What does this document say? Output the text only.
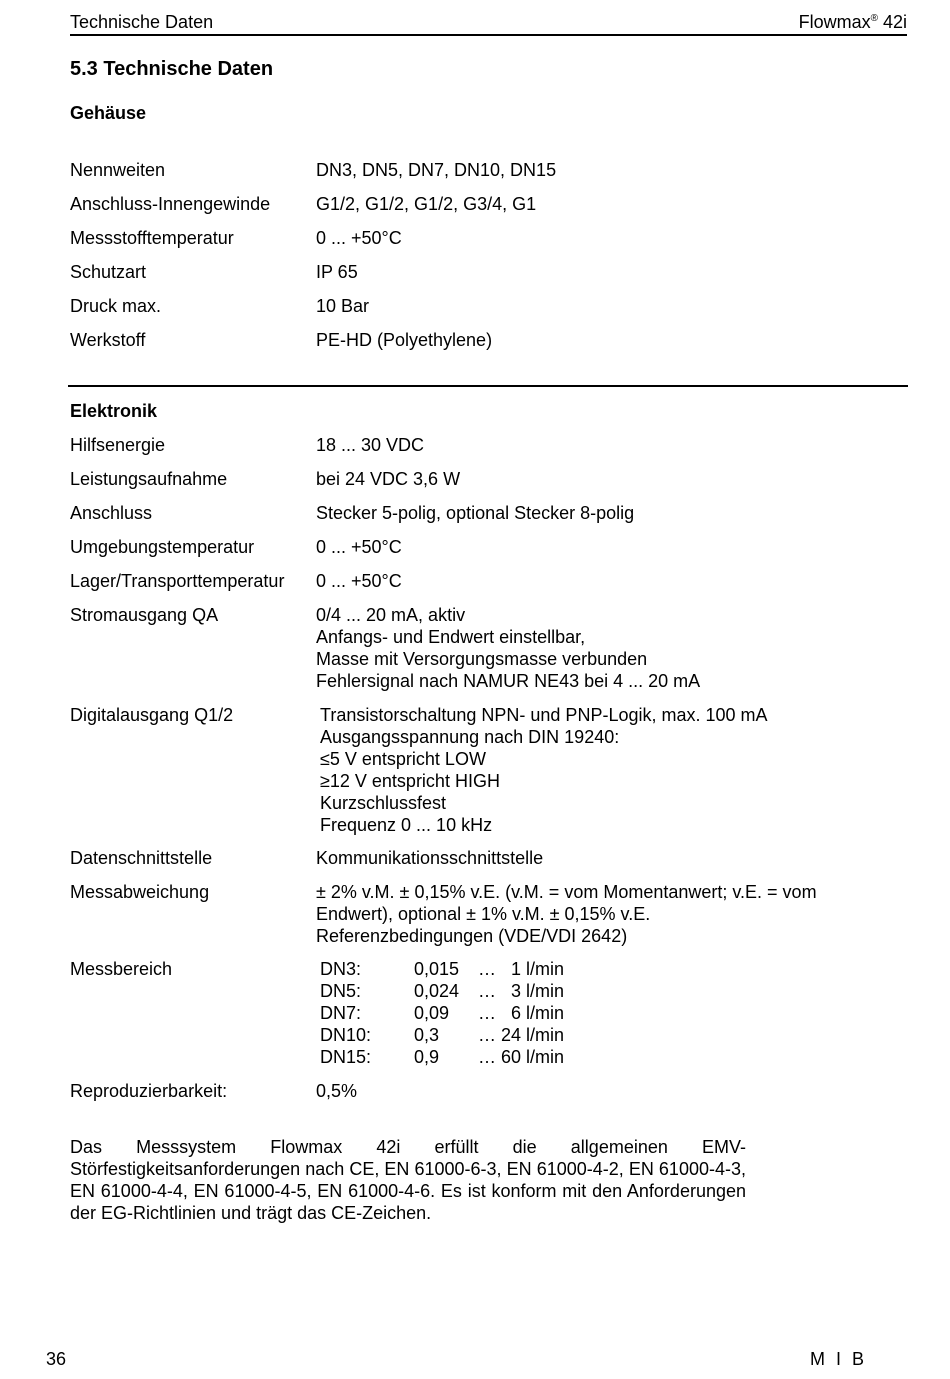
Technische Daten	Flowmax® 42i
5.3 Technische Daten
Gehäuse
Nennweiten	DN3, DN5, DN7, DN10, DN15
Anschluss-Innengewinde	G1/2, G1/2, G1/2, G3/4, G1
Messstofftemperatur	0 ... +50°C
Schutzart	IP 65
Druck max.	10 Bar
Werkstoff	PE-HD (Polyethylene)
Elektronik
Hilfsenergie	18 ... 30 VDC
Leistungsaufnahme	bei 24 VDC 3,6 W
Anschluss	Stecker 5-polig, optional Stecker 8-polig
Umgebungstemperatur	0 ... +50°C
Lager/Transporttemperatur 0 ... +50°C
Stromausgang QA	0/4 ... 20 mA, aktiv
Anfangs- und Endwert einstellbar,
Masse mit Versorgungsmasse verbunden
Fehlersignal nach NAMUR NE43 bei 4 ... 20 mA
Digitalausgang Q1/2	Transistorschaltung NPN- und PNP-Logik, max. 100 mA
Ausgangsspannung nach DIN 19240:
≤5 V entspricht LOW
≥12 V entspricht HIGH
Kurzschlussfest
Frequenz 0 ... 10 kHz
Datenschnittstelle	Kommunikationsschnittstelle
Messabweichung	± 2% v.M. ± 0,15% v.E. (v.M. = vom Momentanwert; v.E. = vom
Endwert), optional ± 1% v.M. ± 0,15% v.E.
Referenzbedingungen (VDE/VDI 2642)
Messbereich	DN3:	0,015 …   1 l/min
DN5:	0,024 …   3 l/min
DN7:	0,09 …   6 l/min
DN10: 0,3 … 24 l/min
DN15: 0,9 … 60 l/min
Reproduzierbarkeit:	0,5%
Das Messsystem Flowmax 42i erfüllt die allgemeinen EMV-Störfestigkeitsanforderungen nach CE, EN 61000-6-3, EN 61000-4-2, EN 61000-4-3, EN 61000-4-4, EN 61000-4-5, EN 61000-4-6. Es ist konform mit den Anforderungen der EG-Richtlinien und trägt das CE-Zeichen.
36	M I B
